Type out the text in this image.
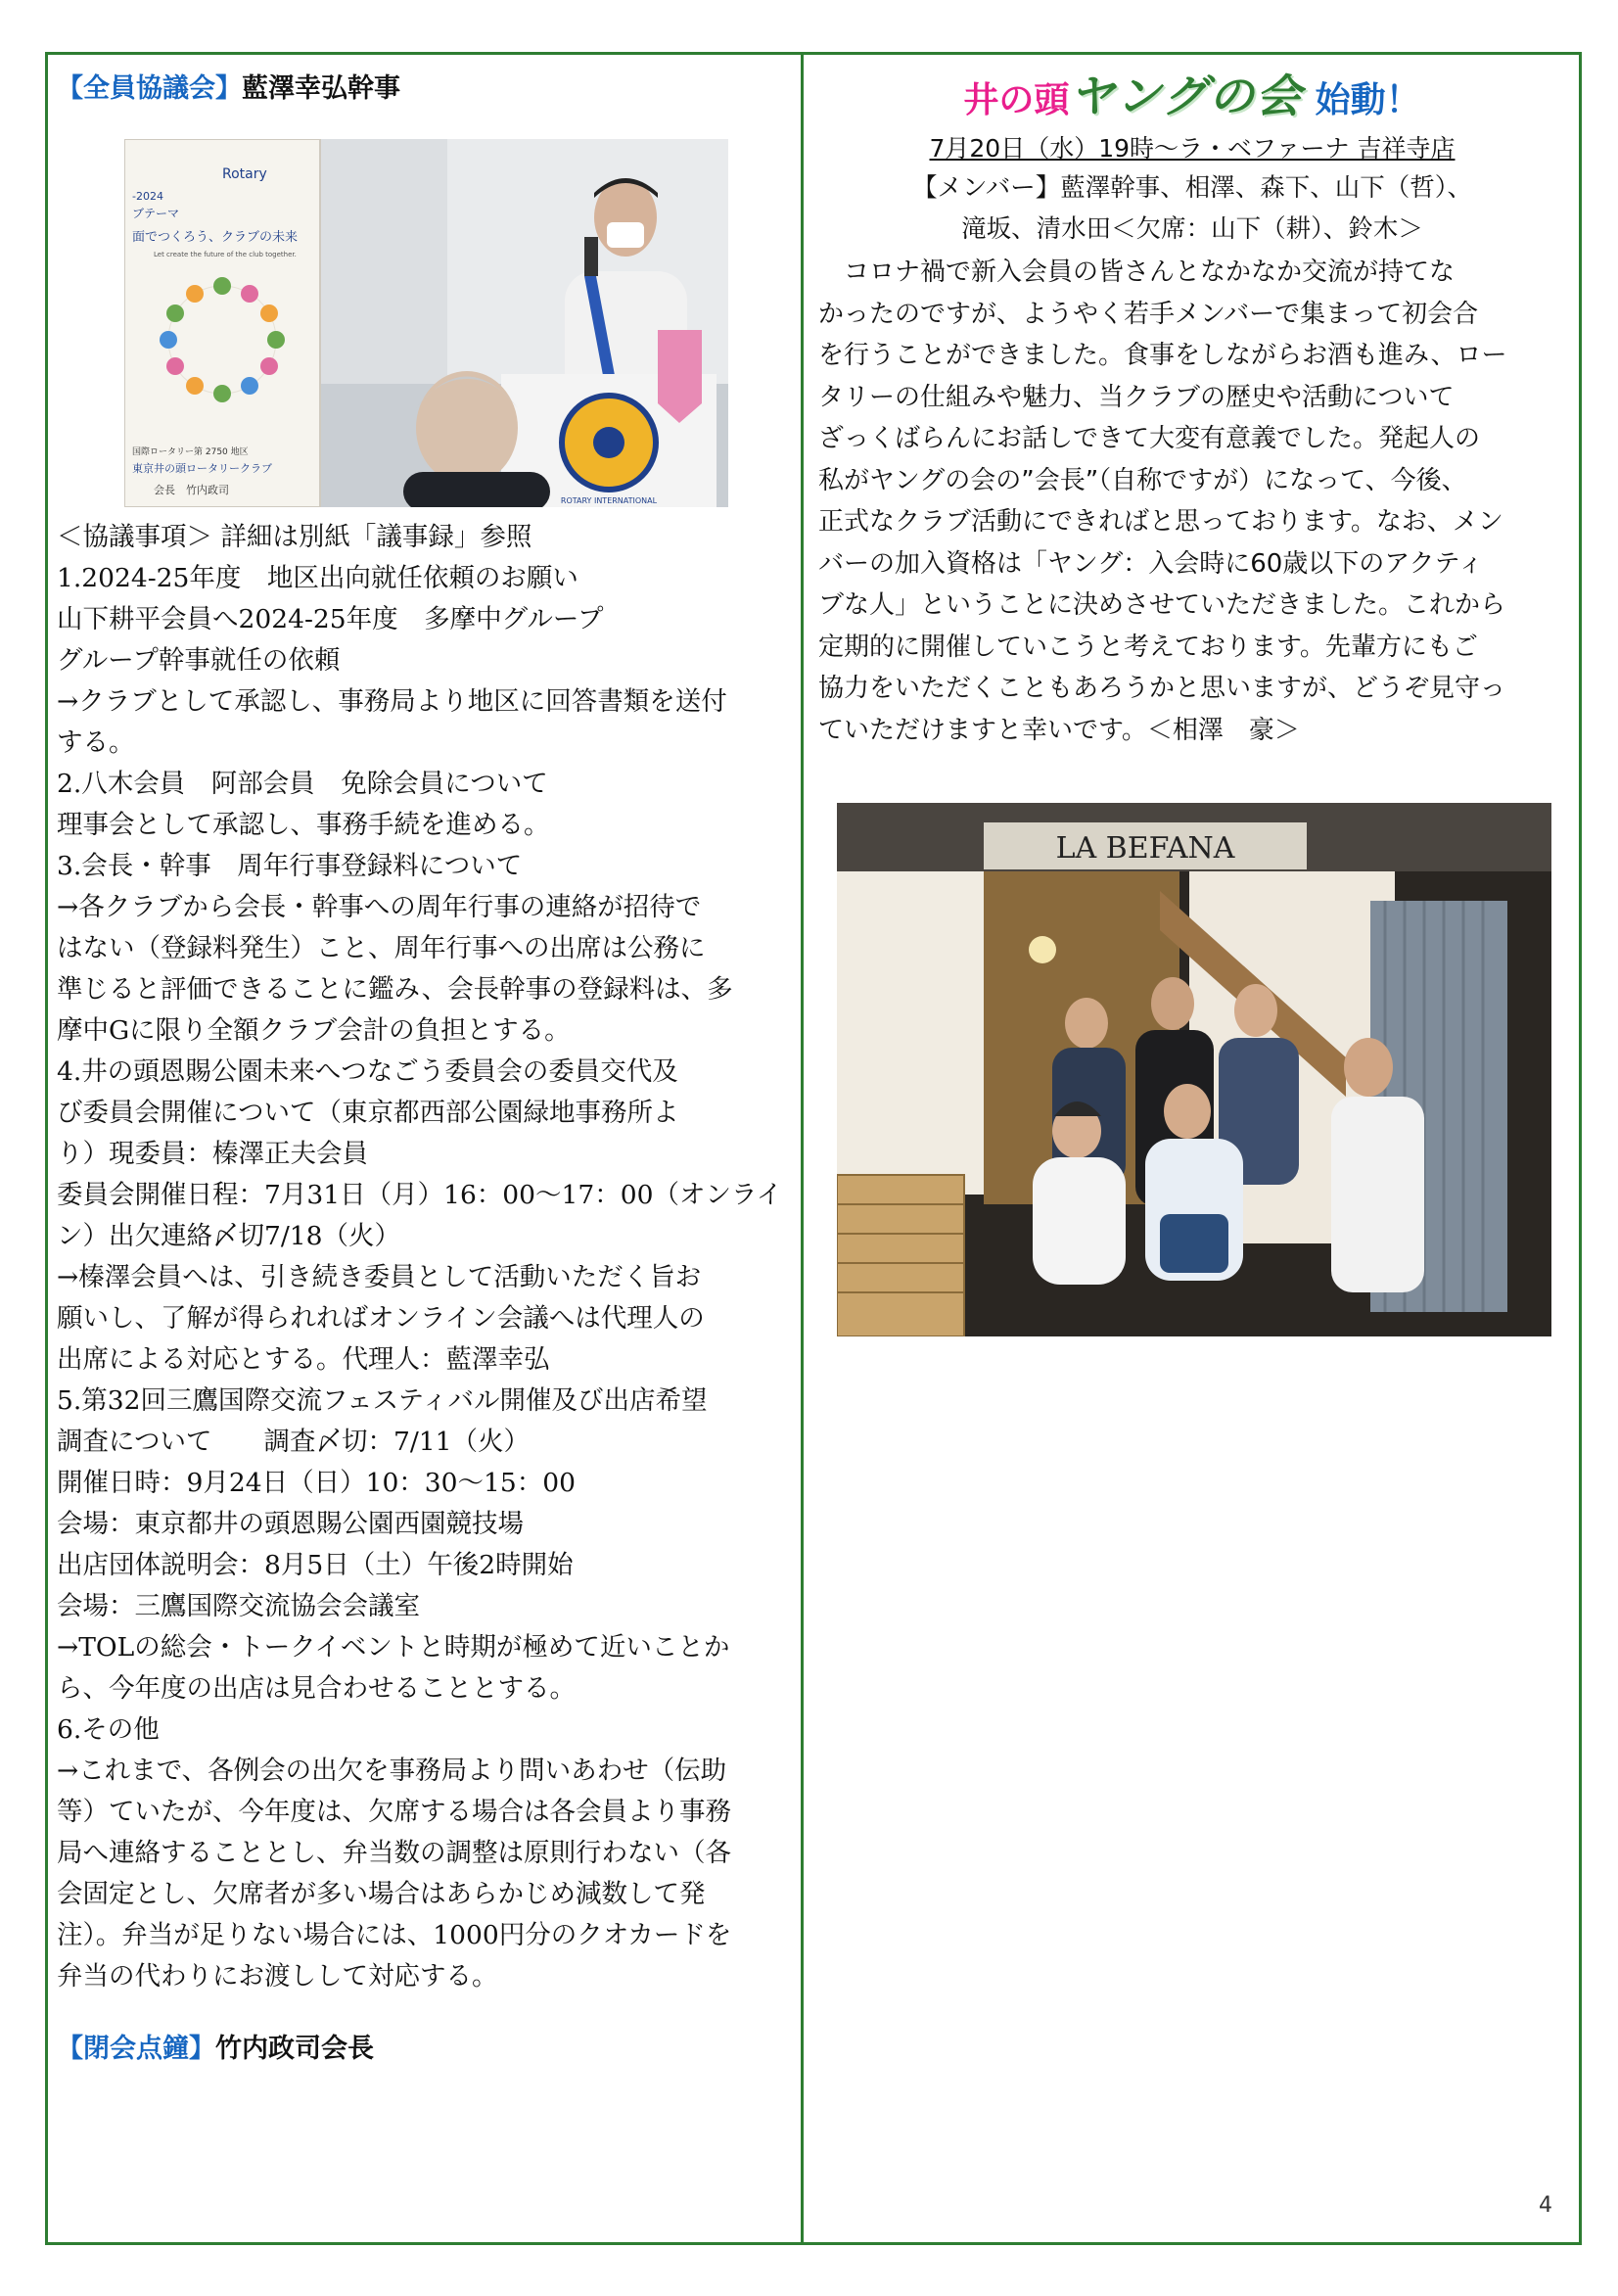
【全員協議会】藍澤幸弘幹事
Rotary
-2024
ブテーマ
面でつくろう、クラブの未来
Let create the future of the club together.
国際ロータリー第 2750 地区
東京井の頭ロータリークラブ
会長　竹内政司
ROTARY INTERNATIONAL

＜協議事項＞ 詳細は別紙「議事録」参照

1.2024-25年度　地区出向就任依頼のお願い

山下耕平会員へ2024-25年度　多摩中グループ

グループ幹事就任の依頼

→クラブとして承認し、事務局より地区に回答書類を送付

する。

2.八木会員　阿部会員　免除会員について

理事会として承認し、事務手続を進める。

3.会長・幹事　周年行事登録料について

→各クラブから会長・幹事への周年行事の連絡が招待で

はない（登録料発生）こと、周年行事への出席は公務に

準じると評価できることに鑑み、会長幹事の登録料は、多

摩中Gに限り全額クラブ会計の負担とする。

4.井の頭恩賜公園未来へつなごう委員会の委員交代及

び委員会開催について（東京都西部公園緑地事務所よ

り）現委員：榛澤正夫会員

委員会開催日程：7月31日（月）16：00～17：00（オンライ

ン）出欠連絡〆切7/18（火）

→榛澤会員へは、引き続き委員として活動いただく旨お

願いし、了解が得られればオンライン会議へは代理人の

出席による対応とする。代理人：藍澤幸弘

5.第32回三鷹国際交流フェスティバル開催及び出店希望

調査について　　調査〆切：7/11（火）

開催日時：9月24日（日）10：30～15：00

会場：東京都井の頭恩賜公園西園競技場

出店団体説明会：8月5日（土）午後2時開始

会場：三鷹国際交流協会会議室

→TOLの総会・トークイベントと時期が極めて近いことか

ら、今年度の出店は見合わせることとする。

6.その他

→これまで、各例会の出欠を事務局より問いあわせ（伝助

等）ていたが、今年度は、欠席する場合は各会員より事務

局へ連絡することとし、弁当数の調整は原則行わない（各

会固定とし、欠席者が多い場合はあらかじめ減数して発

注）。弁当が足りない場合には、1000円分のクオカードを

弁当の代わりにお渡しして対応する。

【閉会点鐘】竹内政司会長
井の頭ヤングの会 始動！
7月20日（水）19時～ラ・ベファーナ 吉祥寺店
【メンバー】藍澤幹事、相澤、森下、山下（哲）、
滝坂、清水田＜欠席：山下（耕）、鈴木＞

　コロナ禍で新入会員の皆さんとなかなか交流が持てな

かったのですが、ようやく若手メンバーで集まって初会合

を行うことができました。食事をしながらお酒も進み、ロー

タリーの仕組みや魅力、当クラブの歴史や活動について

ざっくばらんにお話しできて大変有意義でした。発起人の

私がヤングの会の”会長”（自称ですが）になって、今後、

正式なクラブ活動にできればと思っております。なお、メン

バーの加入資格は「ヤング：入会時に60歳以下のアクティ

ブな人」ということに決めさせていただきました。これから

定期的に開催していこうと考えております。先輩方にもご

協力をいただくこともあろうかと思いますが、どうぞ見守っ

ていただけますと幸いです。＜相澤　豪＞

LA BEFANA
4
